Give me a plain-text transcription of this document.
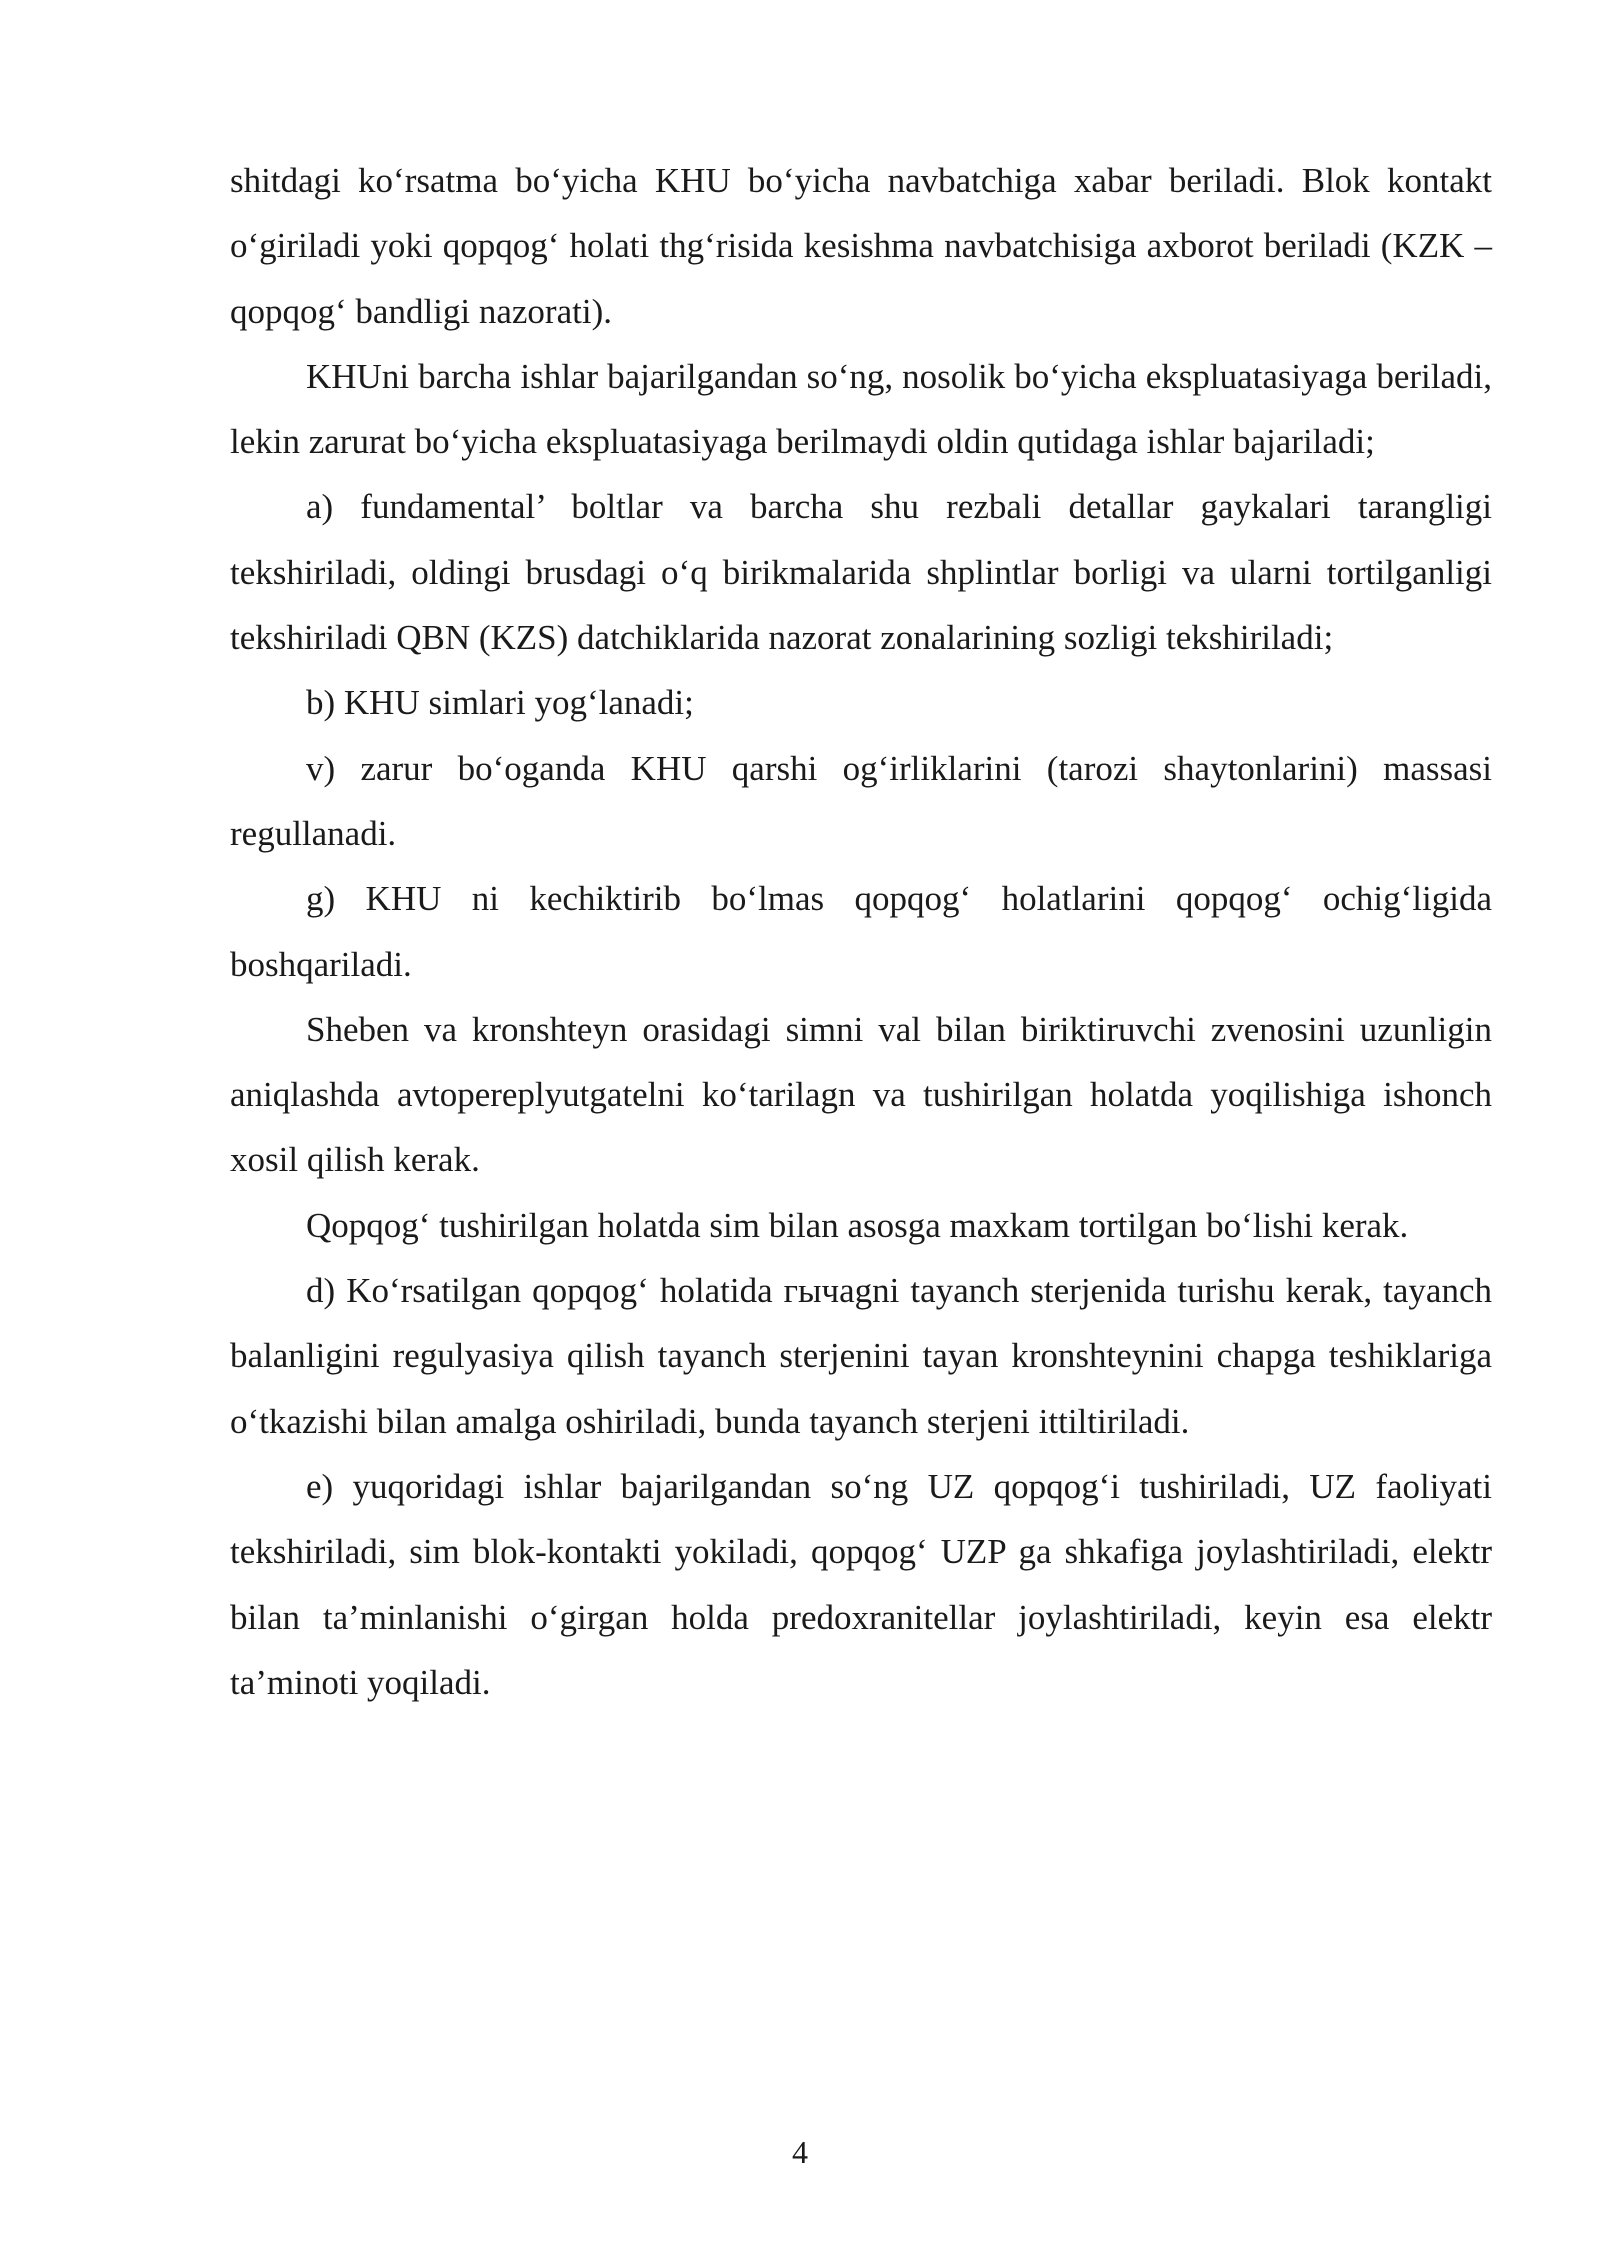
shitdagi ko‘rsatma bo‘yicha KHU bo‘yicha navbatchiga xabar beriladi. Blok kontakt o‘giriladi yoki qopqog‘ holati thg‘risida kesishma navbatchisiga axborot beriladi (KZK – qopqog‘ bandligi nazorati).

KHUni barcha ishlar bajarilgandan so‘ng, nosolik bo‘yicha ekspluatasiyaga beriladi, lekin zarurat bo‘yicha ekspluatasiyaga berilmaydi oldin qutidaga ishlar bajariladi;

a) fundamental’ boltlar va barcha shu rezbali detallar gaykalari tarangligi tekshiriladi, oldingi brusdagi o‘q birikmalarida shplintlar borligi va ularni tortilganligi tekshiriladi QBN (KZS) datchiklarida nazorat zonalarining sozligi tekshiriladi;

b) KHU simlari yog‘lanadi;

v) zarur bo‘oganda KHU qarshi og‘irliklarini (tarozi shaytonlarini) massasi regullanadi.

g) KHU ni kechiktirib bo‘lmas qopqog‘ holatlarini qopqog‘ ochig‘ligida boshqariladi.

Sheben va kronshteyn orasidagi simni val bilan biriktiruvchi zvenosini uzunligin aniqlashda avtopereplyutgatelni ko‘tarilagn va tushirilgan holatda yoqilishiga ishonch xosil qilish kerak.

Qopqog‘ tushirilgan holatda sim bilan asosga maxkam tortilgan bo‘lishi kerak.

d) Ko‘rsatilgan qopqog‘ holatida гычagni tayanch sterjenida turishu kerak, tayanch balanligini regulyasiya qilish tayanch sterjenini tayan kronshteynini chapga teshiklariga o‘tkazishi bilan amalga oshiriladi, bunda tayanch sterjeni ittiltiriladi.

e) yuqoridagi ishlar bajarilgandan so‘ng UZ qopqog‘i tushiriladi, UZ faoliyati tekshiriladi, sim blok-kontakti yokiladi, qopqog‘ UZP ga shkafiga joylashtiriladi, elektr bilan ta’minlanishi o‘girgan holda predoxranitellar joylashtiriladi, keyin esa elektr ta’minoti yoqiladi.

4
